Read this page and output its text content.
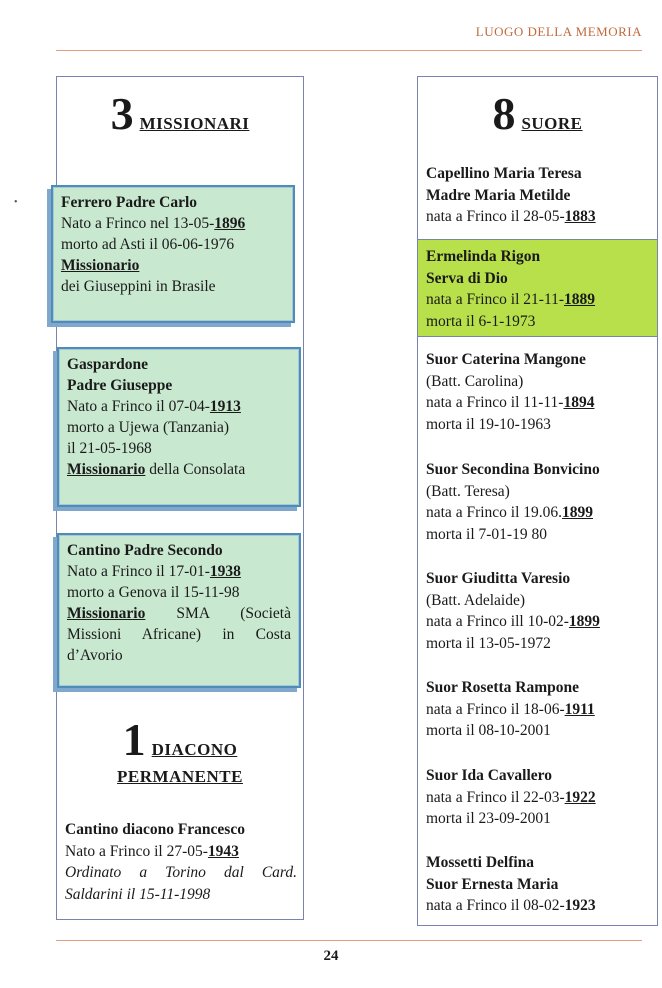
LUOGO DELLA MEMORIA
•
3 MISSIONARI
Ferrero Padre Carlo
Nato a Frinco nel 13-05-1896
morto ad Asti il 06-06-1976
Missionario
dei Giuseppini in Brasile
Gaspardone
Padre Giuseppe
Nato a Frinco il 07-04-1913
morto a Ujewa (Tanzania)
il 21-05-1968
Missionario della Consolata
Cantino Padre Secondo
Nato a Frinco il 17-01-1938
morto a Genova il 15-11-98
Missionario SMA (Società Missioni Africane) in Costa d’Avorio
1 DIACONO
PERMANENTE
Cantino diacono Francesco
Nato a Frinco il 27-05-1943
Ordinato a Torino dal Card. Saldarini il 15-11-1998
8 SUORE
Capellino Maria Teresa
Madre Maria Metilde
nata a Frinco il 28-05-1883
Ermelinda Rigon
Serva di Dio
nata a Frinco il 21-11-1889
morta il 6-1-1973
Suor Caterina Mangone
(Batt. Carolina)
nata a Frinco il 11-11-1894
morta il 19-10-1963
Suor Secondina Bonvicino
(Batt. Teresa)
nata a Frinco il 19.06.1899
morta il 7-01-19 80
Suor Giuditta Varesio
(Batt. Adelaide)
nata a Frinco ill 10-02-1899
morta il 13-05-1972
Suor Rosetta Rampone
nata a Frinco il 18-06-1911
morta il 08-10-2001
Suor Ida Cavallero
nata a Frinco il 22-03-1922
morta il 23-09-2001
Mossetti Delfina
Suor Ernesta Maria
nata a Frinco il 08-02-1923
24
